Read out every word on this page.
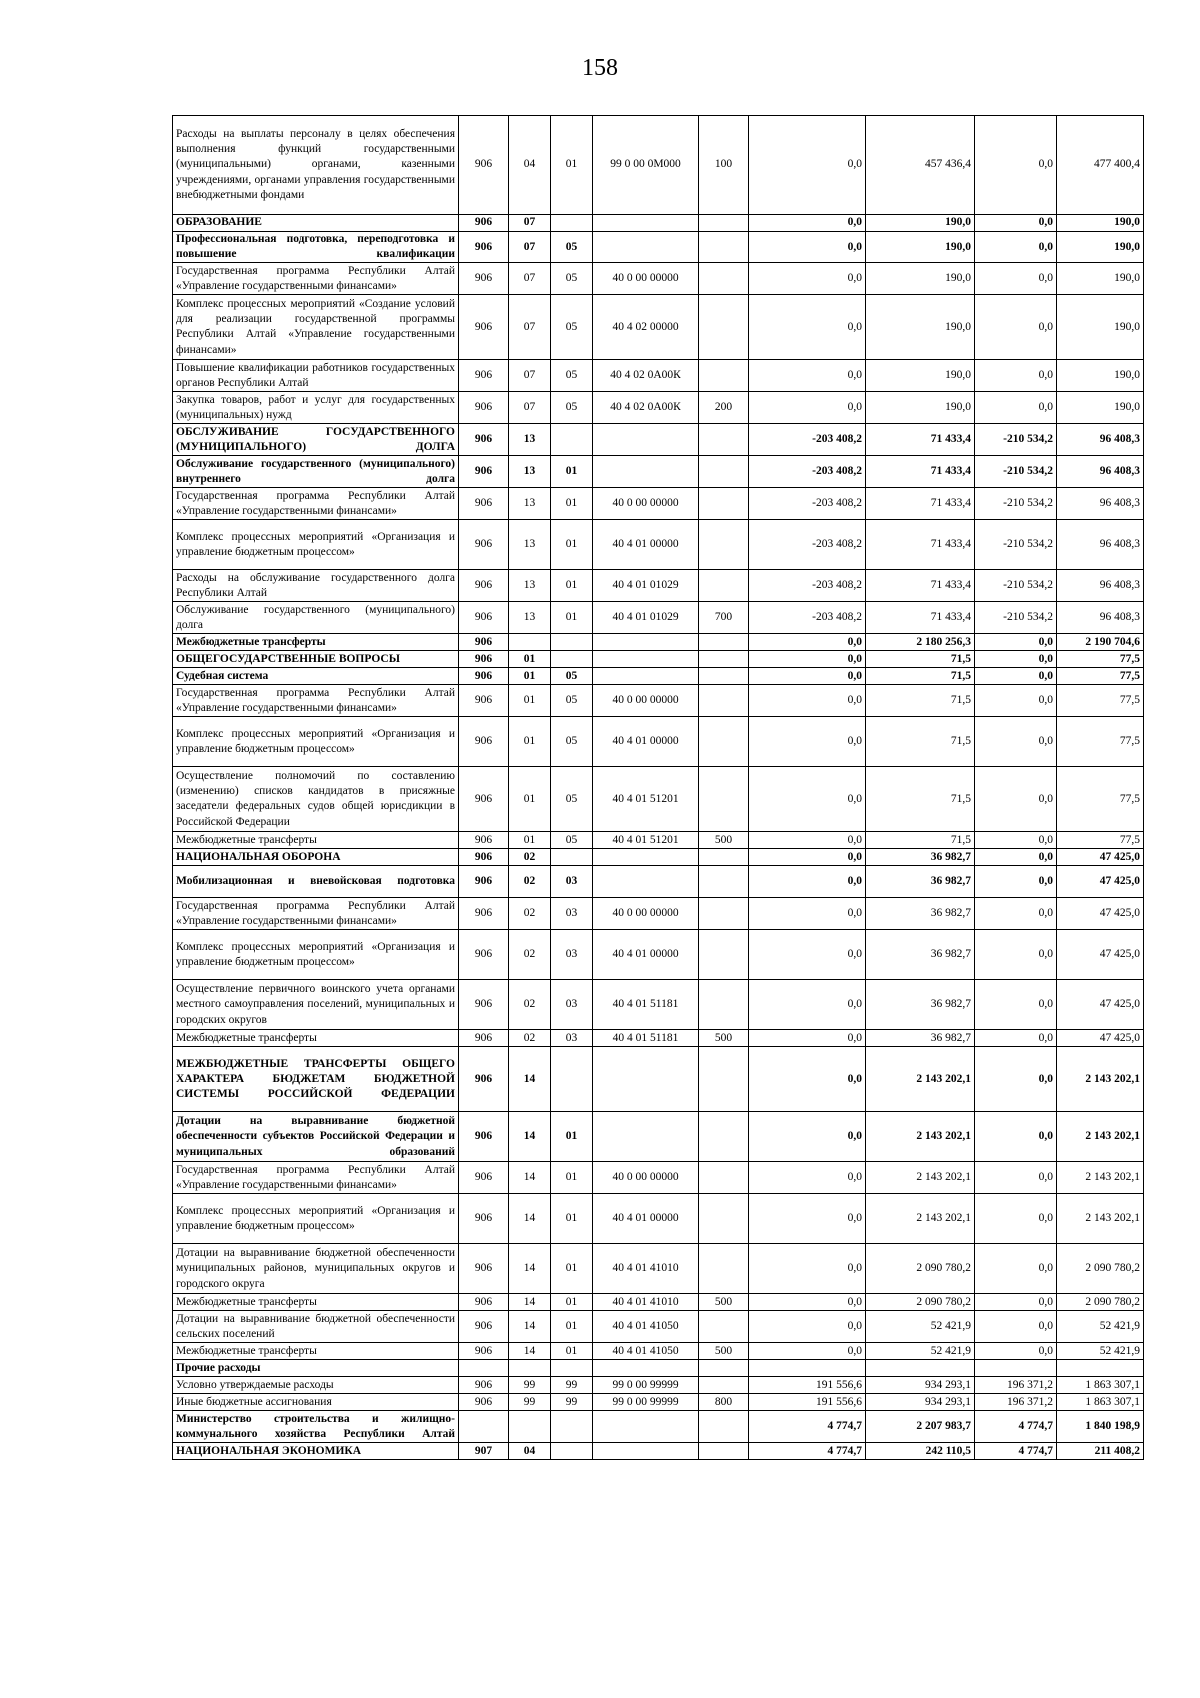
158
Расходы на выплаты персоналу в целях обеспечения выполнения функций государственными (муниципальными) органами, казенными учреждениями, органами управления государственными внебюджетными фондами	906	04	01	99 0 00 0М000	100	0,0	457 436,4	0,0	477 400,4
ОБРАЗОВАНИЕ	906	07				0,0	190,0	0,0	190,0
Профессиональная подготовка, переподготовка и повышение квалификации	906	07	05			0,0	190,0	0,0	190,0
Государственная программа Республики Алтай «Управление государственными финансами»	906	07	05	40 0 00 00000		0,0	190,0	0,0	190,0
Комплекс процессных мероприятий «Создание условий для реализации государственной программы Республики Алтай «Управление государственными финансами»	906	07	05	40 4 02 00000		0,0	190,0	0,0	190,0
Повышение квалификации работников государственных органов Республики Алтай	906	07	05	40 4 02 0А00К		0,0	190,0	0,0	190,0
Закупка товаров, работ и услуг для государственных (муниципальных) нужд	906	07	05	40 4 02 0А00К	200	0,0	190,0	0,0	190,0
ОБСЛУЖИВАНИЕ ГОСУДАРСТВЕННОГО (МУНИЦИПАЛЬНОГО) ДОЛГА	906	13				-203 408,2	71 433,4	-210 534,2	96 408,3
Обслуживание государственного (муниципального) внутреннего долга	906	13	01			-203 408,2	71 433,4	-210 534,2	96 408,3
Государственная программа Республики Алтай «Управление государственными финансами»	906	13	01	40 0 00 00000		-203 408,2	71 433,4	-210 534,2	96 408,3
Комплекс процессных мероприятий «Организация и управление бюджетным процессом»	906	13	01	40 4 01 00000		-203 408,2	71 433,4	-210 534,2	96 408,3
Расходы на обслуживание государственного долга Республики Алтай	906	13	01	40 4 01 01029		-203 408,2	71 433,4	-210 534,2	96 408,3
Обслуживание государственного (муниципального) долга	906	13	01	40 4 01 01029	700	-203 408,2	71 433,4	-210 534,2	96 408,3
Межбюджетные трансферты	906					0,0	2 180 256,3	0,0	2 190 704,6
ОБЩЕГОСУДАРСТВЕННЫЕ ВОПРОСЫ	906	01				0,0	71,5	0,0	77,5
Судебная система	906	01	05			0,0	71,5	0,0	77,5
Государственная программа Республики Алтай «Управление государственными финансами»	906	01	05	40 0 00 00000		0,0	71,5	0,0	77,5
Комплекс процессных мероприятий «Организация и управление бюджетным процессом»	906	01	05	40 4 01 00000		0,0	71,5	0,0	77,5
Осуществление полномочий по составлению (изменению) списков кандидатов в присяжные заседатели федеральных судов общей юрисдикции в Российской Федерации	906	01	05	40 4 01 51201		0,0	71,5	0,0	77,5
Межбюджетные трансферты	906	01	05	40 4 01 51201	500	0,0	71,5	0,0	77,5
НАЦИОНАЛЬНАЯ ОБОРОНА	906	02				0,0	36 982,7	0,0	47 425,0
Мобилизационная и вневойсковая подготовка	906	02	03			0,0	36 982,7	0,0	47 425,0
Государственная программа Республики Алтай «Управление государственными финансами»	906	02	03	40 0 00 00000		0,0	36 982,7	0,0	47 425,0
Комплекс процессных мероприятий «Организация и управление бюджетным процессом»	906	02	03	40 4 01 00000		0,0	36 982,7	0,0	47 425,0
Осуществление первичного воинского учета органами местного самоуправления поселений, муниципальных и городских округов	906	02	03	40 4 01 51181		0,0	36 982,7	0,0	47 425,0
Межбюджетные трансферты	906	02	03	40 4 01 51181	500	0,0	36 982,7	0,0	47 425,0
МЕЖБЮДЖЕТНЫЕ ТРАНСФЕРТЫ ОБЩЕГО ХАРАКТЕРА БЮДЖЕТАМ БЮДЖЕТНОЙ СИСТЕМЫ РОССИЙСКОЙ ФЕДЕРАЦИИ	906	14				0,0	2 143 202,1	0,0	2 143 202,1
Дотации на выравнивание бюджетной обеспеченности субъектов Российской Федерации и муниципальных образований	906	14	01			0,0	2 143 202,1	0,0	2 143 202,1
Государственная программа Республики Алтай «Управление государственными финансами»	906	14	01	40 0 00 00000		0,0	2 143 202,1	0,0	2 143 202,1
Комплекс процессных мероприятий «Организация и управление бюджетным процессом»	906	14	01	40 4 01 00000		0,0	2 143 202,1	0,0	2 143 202,1
Дотации на выравнивание бюджетной обеспеченности муниципальных районов, муниципальных округов и городского округа	906	14	01	40 4 01 41010		0,0	2 090 780,2	0,0	2 090 780,2
Межбюджетные трансферты	906	14	01	40 4 01 41010	500	0,0	2 090 780,2	0,0	2 090 780,2
Дотации на выравнивание бюджетной обеспеченности сельских поселений	906	14	01	40 4 01 41050		0,0	52 421,9	0,0	52 421,9
Межбюджетные трансферты	906	14	01	40 4 01 41050	500	0,0	52 421,9	0,0	52 421,9
Прочие расходы									
Условно утверждаемые расходы	906	99	99	99 0 00 99999		191 556,6	934 293,1	196 371,2	1 863 307,1
Иные бюджетные ассигнования	906	99	99	99 0 00 99999	800	191 556,6	934 293,1	196 371,2	1 863 307,1
Министерство строительства и жилищно-коммунального хозяйства Республики Алтай						4 774,7	2 207 983,7	4 774,7	1 840 198,9
НАЦИОНАЛЬНАЯ ЭКОНОМИКА	907	04				4 774,7	242 110,5	4 774,7	211 408,2
